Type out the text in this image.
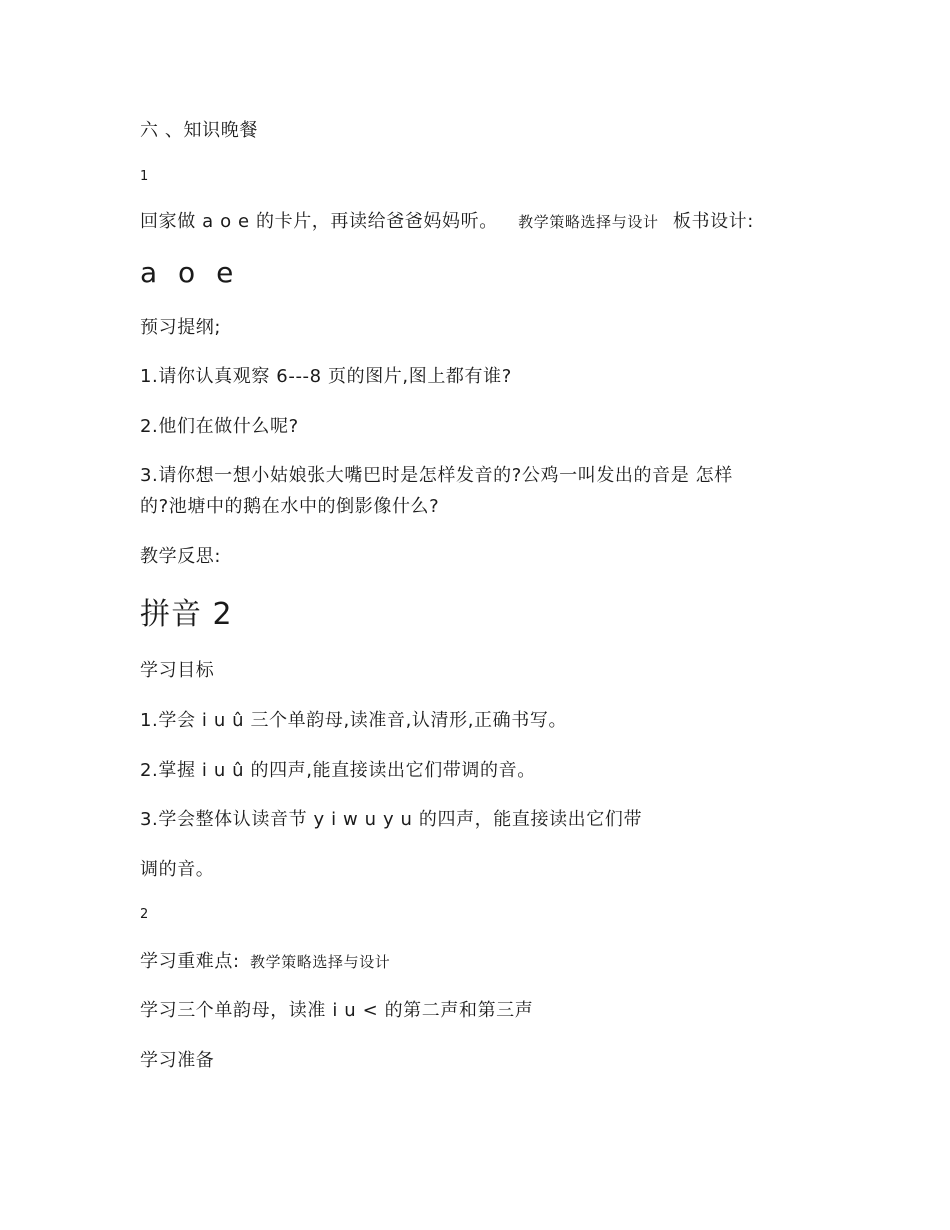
六 、知识晚餐
1
回家做 a o e 的卡片，再读给爸爸妈妈听。 教学策略选择与设计 板书设计:
a o e
预习提纲;
1.请你认真观察 6---8 页的图片,图上都有谁?
2.他们在做什么呢?
3.请你想一想小姑娘张大嘴巴时是怎样发音的?公鸡一叫发出的音是 怎样
的?池塘中的鹅在水中的倒影像什么?
教学反思:
拼音 2
学习目标
1.学会 i u û 三个单韵母,读准音,认清形,正确书写。
2.掌握 i u û 的四声,能直接读出它们带调的音。
3.学会整体认读音节 y i w u y u 的四声，能直接读出它们带
调的音。
2
学习重难点: 教学策略选择与设计
学习三个单韵母，读准 i u < 的第二声和第三声
学习准备
